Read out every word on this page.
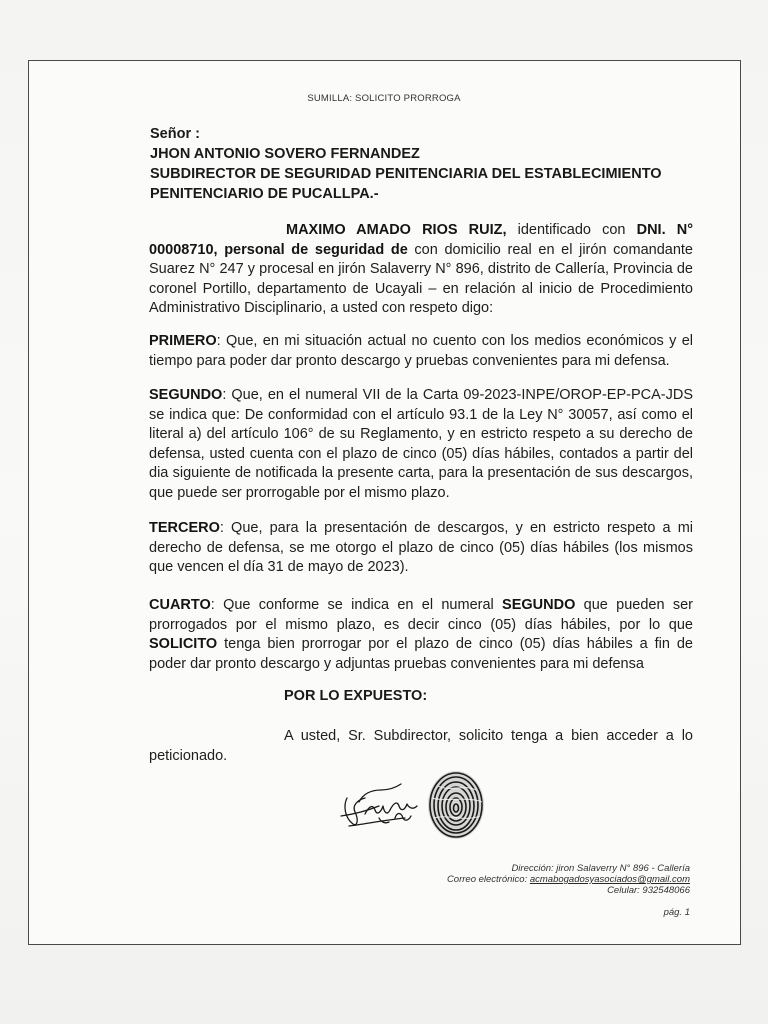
SUMILLA: SOLICITO PRORROGA
Señor :
JHON ANTONIO SOVERO FERNANDEZ
SUBDIRECTOR DE SEGURIDAD PENITENCIARIA DEL ESTABLECIMIENTO
PENITENCIARIO DE PUCALLPA.-
MAXIMO AMADO RIOS RUIZ, identificado con DNI. N° 00008710, personal de seguridad de con domicilio real en el jirón comandante Suarez N° 247 y procesal en jirón Salaverry N° 896, distrito de Callería, Provincia de coronel Portillo, departamento de Ucayali – en relación al inicio de Procedimiento Administrativo Disciplinario, a usted con respeto digo:
PRIMERO: Que, en mi situación actual no cuento con los medios económicos y el tiempo para poder dar pronto descargo y pruebas convenientes para mi defensa.
SEGUNDO: Que, en el numeral VII de la Carta 09-2023-INPE/OROP-EP-PCA-JDS se indica que: De conformidad con el artículo 93.1 de la Ley N° 30057, así como el literal a) del artículo 106° de su Reglamento, y en estricto respeto a su derecho de defensa, usted cuenta con el plazo de cinco (05) días hábiles, contados a partir del dia siguiente de notificada la presente carta, para la presentación de sus descargos, que puede ser prorrogable por el mismo plazo.
TERCERO: Que, para la presentación de descargos, y en estricto respeto a mi derecho de defensa, se me otorgo el plazo de cinco (05) días hábiles (los mismos que vencen el día 31 de mayo de 2023).
CUARTO: Que conforme se indica en el numeral SEGUNDO que pueden ser prorrogados por el mismo plazo, es decir cinco (05) días hábiles, por lo que SOLICITO tenga bien prorrogar por el plazo de cinco (05) días hábiles a fin de poder dar pronto descargo y adjuntas pruebas convenientes para mi defensa
POR LO EXPUESTO:
A usted, Sr. Subdirector, solicito tenga a bien acceder a lo
peticionado.
Dirección: jiron Salaverry N° 896 - Callería
Correo electrónico: acmabogadosyasociados@gmail.com
Celular: 932548066
pág. 1
